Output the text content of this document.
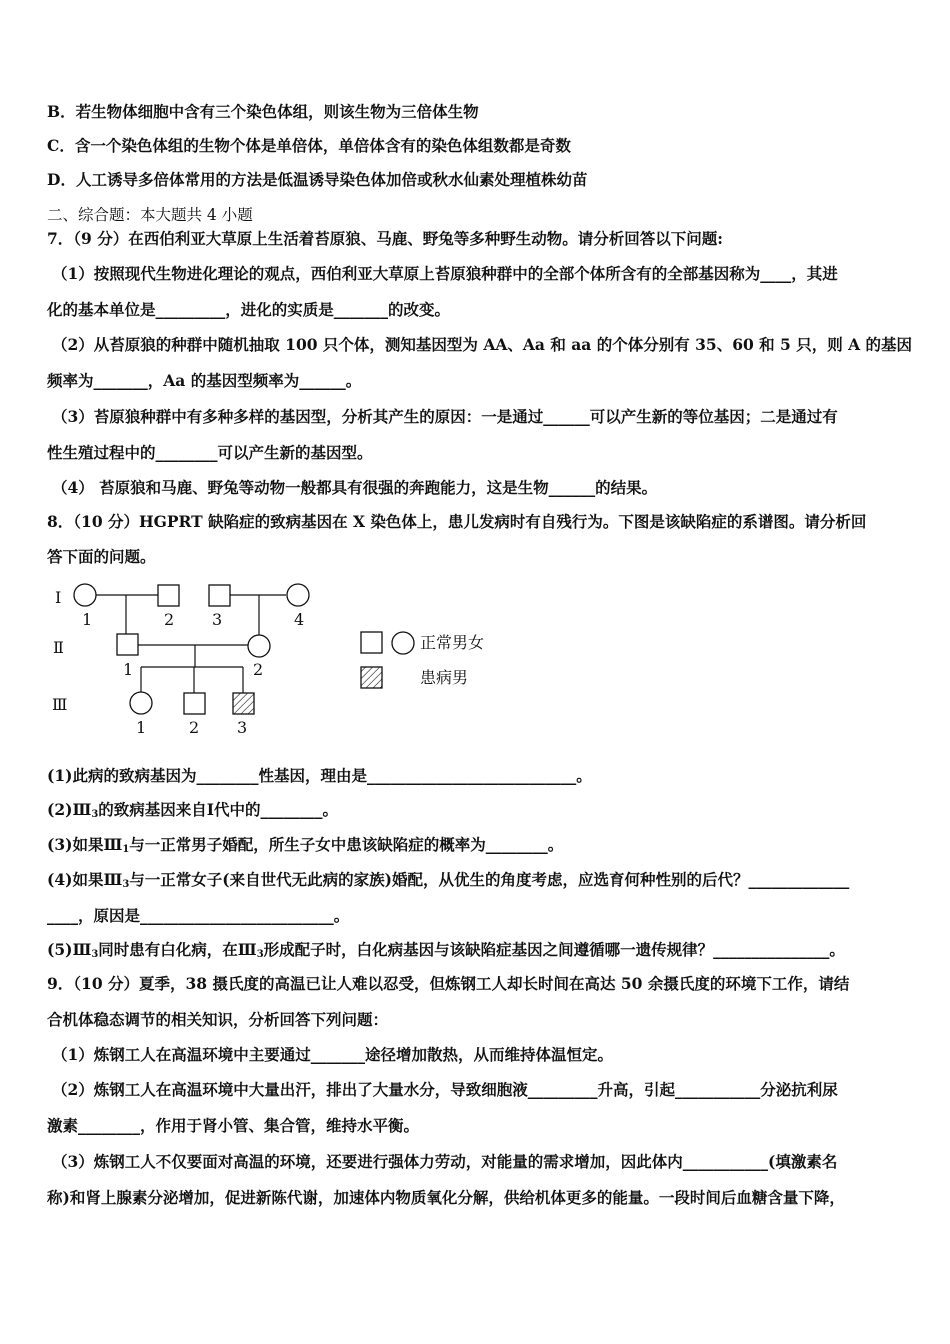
B．若生物体细胞中含有三个染色体组，则该生物为三倍体生物
C．含一个染色体组的生物个体是单倍体，单倍体含有的染色体组数都是奇数
D．人工诱导多倍体常用的方法是低温诱导染色体加倍或秋水仙素处理植株幼苗
二、综合题：本大题共 4 小题
7．（9 分）在西伯利亚大草原上生活着苔原狼、马鹿、野兔等多种野生动物。请分析回答以下问题:
（1）按照现代生物进化理论的观点，西伯利亚大草原上苔原狼种群中的全部个体所含有的全部基因称为____，其进
化的基本单位是_________，进化的实质是_______的改变。
（2）从苔原狼的种群中随机抽取 100 只个体，测知基因型为 AA、Aa 和 aa 的个体分别有 35、60 和 5 只，则 A 的基因
频率为_______，Aa 的基因型频率为______。
（3）苔原狼种群中有多种多样的基因型，分析其产生的原因：一是通过______可以产生新的等位基因；二是通过有
性生殖过程中的________可以产生新的基因型。
（4） 苔原狼和马鹿、野兔等动物一般都具有很强的奔跑能力，这是生物______的结果。
8．（10 分）HGPRT 缺陷症的致病基因在 X 染色体上，患儿发病时有自残行为。下图是该缺陷症的系谱图。请分析回
答下面的问题。
Ⅰ
Ⅱ
Ⅲ
1	2 3	4
1	2
1	2 3
正常男女
患病男
(1)此病的致病基因为________性基因，理由是___________________________。
$(2)Ⅲ_3$的致病基因来自Ⅰ代中的________。
(3)如果$Ⅲ_1$与一正常男子婚配，所生子女中患该缺陷症的概率为________。
(4)如果$Ⅲ_3$与一正常女子(来自世代无此病的家族)婚配，从优生的角度考虑，应选育何种性别的后代？_____________
____，原因是_________________________。
$(5)Ⅲ_3$同时患有白化病，在$Ⅲ_3$形成配子时，白化病基因与该缺陷症基因之间遵循哪一遗传规律？_______________。
9．（10 分）夏季，38 摄氏度的高温已让人难以忍受，但炼钢工人却长时间在高达 50 余摄氏度的环境下工作，请结
合机体稳态调节的相关知识，分析回答下列问题：
（1）炼钢工人在高温环境中主要通过_______途径增加散热，从而维持体温恒定。
（2）炼钢工人在高温环境中大量出汗，排出了大量水分，导致细胞液_________升高，引起___________分泌抗利尿
激素________，作用于肾小管、集合管，维持水平衡。
（3）炼钢工人不仅要面对高温的环境，还要进行强体力劳动，对能量的需求增加，因此体内___________(填激素名
称)和肾上腺素分泌增加，促进新陈代谢，加速体内物质氧化分解，供给机体更多的能量。一段时间后血糖含量下降，
